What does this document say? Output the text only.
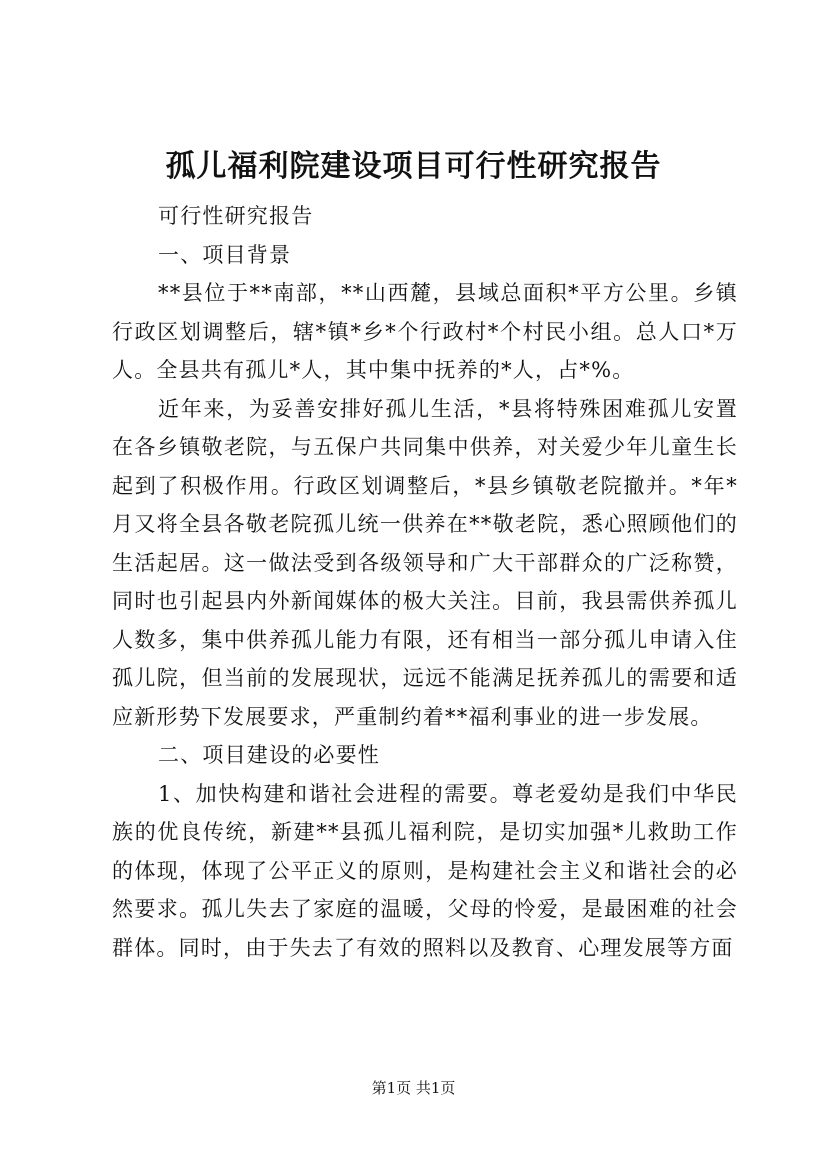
孤儿福利院建设项目可行性研究报告

可行性研究报告

一、项目背景

**县位于**南部，**山西麓，县域总面积*平方公里。乡镇行政区划调整后，辖*镇*乡*个行政村*个村民小组。总人口*万人。全县共有孤儿*人，其中集中抚养的*人，占*%。

近年来，为妥善安排好孤儿生活，*县将特殊困难孤儿安置在各乡镇敬老院，与五保户共同集中供养，对关爱少年儿童生长起到了积极作用。行政区划调整后，*县乡镇敬老院撤并。*年*月又将全县各敬老院孤儿统一供养在**敬老院，悉心照顾他们的生活起居。这一做法受到各级领导和广大干部群众的广泛称赞，同时也引起县内外新闻媒体的极大关注。目前，我县需供养孤儿人数多，集中供养孤儿能力有限，还有相当一部分孤儿申请入住孤儿院，但当前的发展现状，远远不能满足抚养孤儿的需要和适应新形势下发展要求，严重制约着**福利事业的进一步发展。

二、项目建设的必要性

1、加快构建和谐社会进程的需要。尊老爱幼是我们中华民族的优良传统，新建**县孤儿福利院，是切实加强*儿救助工作的体现，体现了公平正义的原则，是构建社会主义和谐社会的必然要求。孤儿失去了家庭的温暖，父母的怜爱，是最困难的社会群体。同时，由于失去了有效的照料以及教育、心理发展等方面

第1页 共1页
